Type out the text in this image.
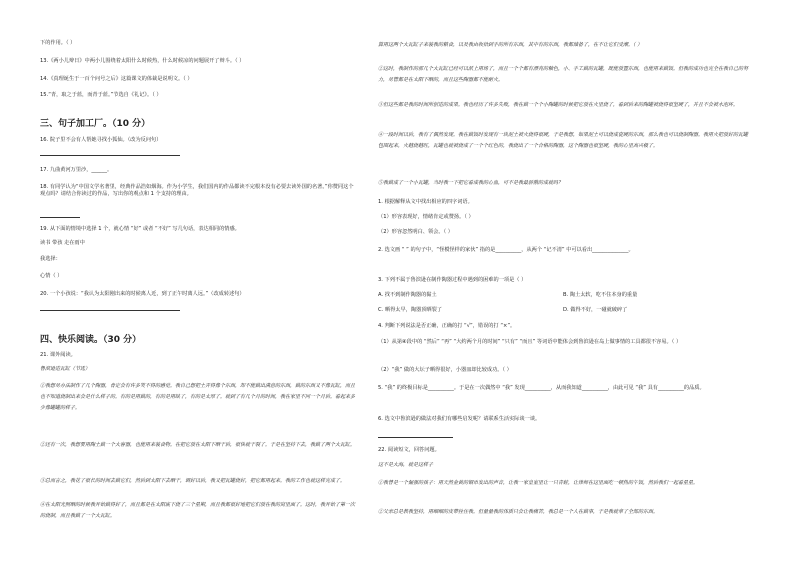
下的作用。（ ）
13.《两小儿辩日》中两小儿围绕着太阳什么时候热，什么时候凉的问题展开了辩斗。（ ）
14.《真理诞生于一百个问号之后》这篇课文的体裁是说明文。（ ）
15.“青，取之于蓝，而青于蓝。”节选自《礼记》。（ ）
三、句子加工厂。（10 分）
16. 院子里不会有人帮她寻找小狐仙。（改为反问句）
17. 九曲黄河万里沙，______。
18. 有同学认为“中国文学名著里，经典作品浩如烟海。作为小学生，我们国内的作品都读不完根本没有必要去读外国的名著。”你赞同这个观点吗？请结合你读过的作品，写出你的观点和 1 个支持的理由。
19. 从下面的情境中选择 1 个，就心情 “好” 或者 “不好” 写几句话，表达相同的情感。
读书 带孩 走在雨中
我选择：
心情（ ）
20. 一个小孩说：“我认为太阳刚出来的时候离人近，到了正午时离人远。”（改成转述句）
四、快乐阅读。（30 分）
21. 课外阅读。
鲁滨逊造瓦缸（节选）
①我想尽办法制作了几个陶器，肯定会有许多笑不得的感觉。我自己想把土弄得像个东西，却不能做出满意的东西，做的东西又不像瓦缸，而且也不知道烧制出来会是什么样子的。有的是用做的，有的是用缺了，有的是太厚了。就到了有几个月的时间，我在家里不同一个月后。看起来多少像罐罐的样子。
②还有一次，我想要用陶土做一个大容器，也能用来装食物。在把它放在太阳下晒干后，很快就干裂了。于是在坚持下去，我做了两个大瓦缸。
③总而言之，我花了很长的时间去做它们，然后到太阳下去晒干，调好以后，我又把瓦罐烧好，把它都用起来。我的工作也就这样完成了。
④在太阳光照晒的时候我开始做得好了，而且都是在太阳底下烧了三个星期，而且我都很好地把它们放在我的窝里面了。这时，我开始了第一次的烧制，而且我做了一个大瓦缸。
算用这两个大瓦缸子来装我的粮食，以及我由收拾到手的所有东西，其中有的东西，我都储备了，在不让它们受潮。（ ）
②这时，我制作的那几个大瓦缸已经可以派上用场了，而且一个个都有漂亮的釉色，小、手工做的瓦罐，既能放置东西，也能用来做饭。但我的成功也完全在我自己的努力，尽管都是在太阳下晒的，而且这些陶器都不能耐火。
③但这些都是我的时间所创造的成果。我也经历了许多失败，我在做一个个小陶罐的时候把它放在火里烧了，看到后来的陶罐被烧得很坚硬了，并且不会被水泡坏。
④一段时间以后，我有了偶然发现。我在做饭时发现有一块泥土被火烧得很硬，于是我想，如果泥土可以烧成瓷硬的东西，那么我也可以烧制陶器。我用火把放好的瓦罐包围起来，火越烧越旺，瓦罐也就被烧成了一个个红色的，我烧出了一个合格的陶器，这个陶器也很坚硬，我的心里高兴极了。
⑤我做成了一个小瓦罐，当时我一下把它看成我的心血，可不是我最骄傲的成就吗？
1. 根据解释从文中找出相应的四字词语。
（1）形容表现好，情绪肯定或赞扬。（ ）
（2）形容忽然明白、领会。（ ）
2. 选文画 “ ” 的句子中，“怪模怪样的家伙” 指的是__________，从两个 “记不清” 中可以看出______________。
3. 下列不属于鲁滨逊在制作陶器过程中遇到的困难的一项是（ ）
A. 找不到制作陶器的黏土	B. 陶土太软，吃不住本身的重量
C. 晒得太早，陶器顶晒裂了	D. 做得不好，一碰就破碎了
4. 判断下列说法是否正确，正确的打 “√”，错误的打 “×”。
（1）从第④段中的 “然后” “再” “大约两个月的时间” “只有” “而且” 等词语中能体会到鲁滨逊在岛上做事情的工具都很不容易。（ ）
（2）“我” 做的大坛子晒得很好，小器皿却比较成功。（ ）
5. “我” 的终极目标是__________。于是在一次偶然中 “我” 发现__________，从而我知道__________，由此可见 “我” 具有__________的品质。
6. 选文中鲁滨逊的做法对我们有哪些启发呢？请联系生活实际谈一谈。
22. 阅读短文，回答问题。
这不是大海，就是这样子
①我曾是一个倔强的孩子：用天然金黄的铜币发出的声音，让我一家皇室里让一只青蛙，让律师在这里面吃一顿热的午饭，然后我们一起看星星。
②父亲总是教我坚持，用细细的皮带拴住我。但量量我的体质只会让我痛苦，我总是一个人在做事，于是我就拿了全部的东西。
